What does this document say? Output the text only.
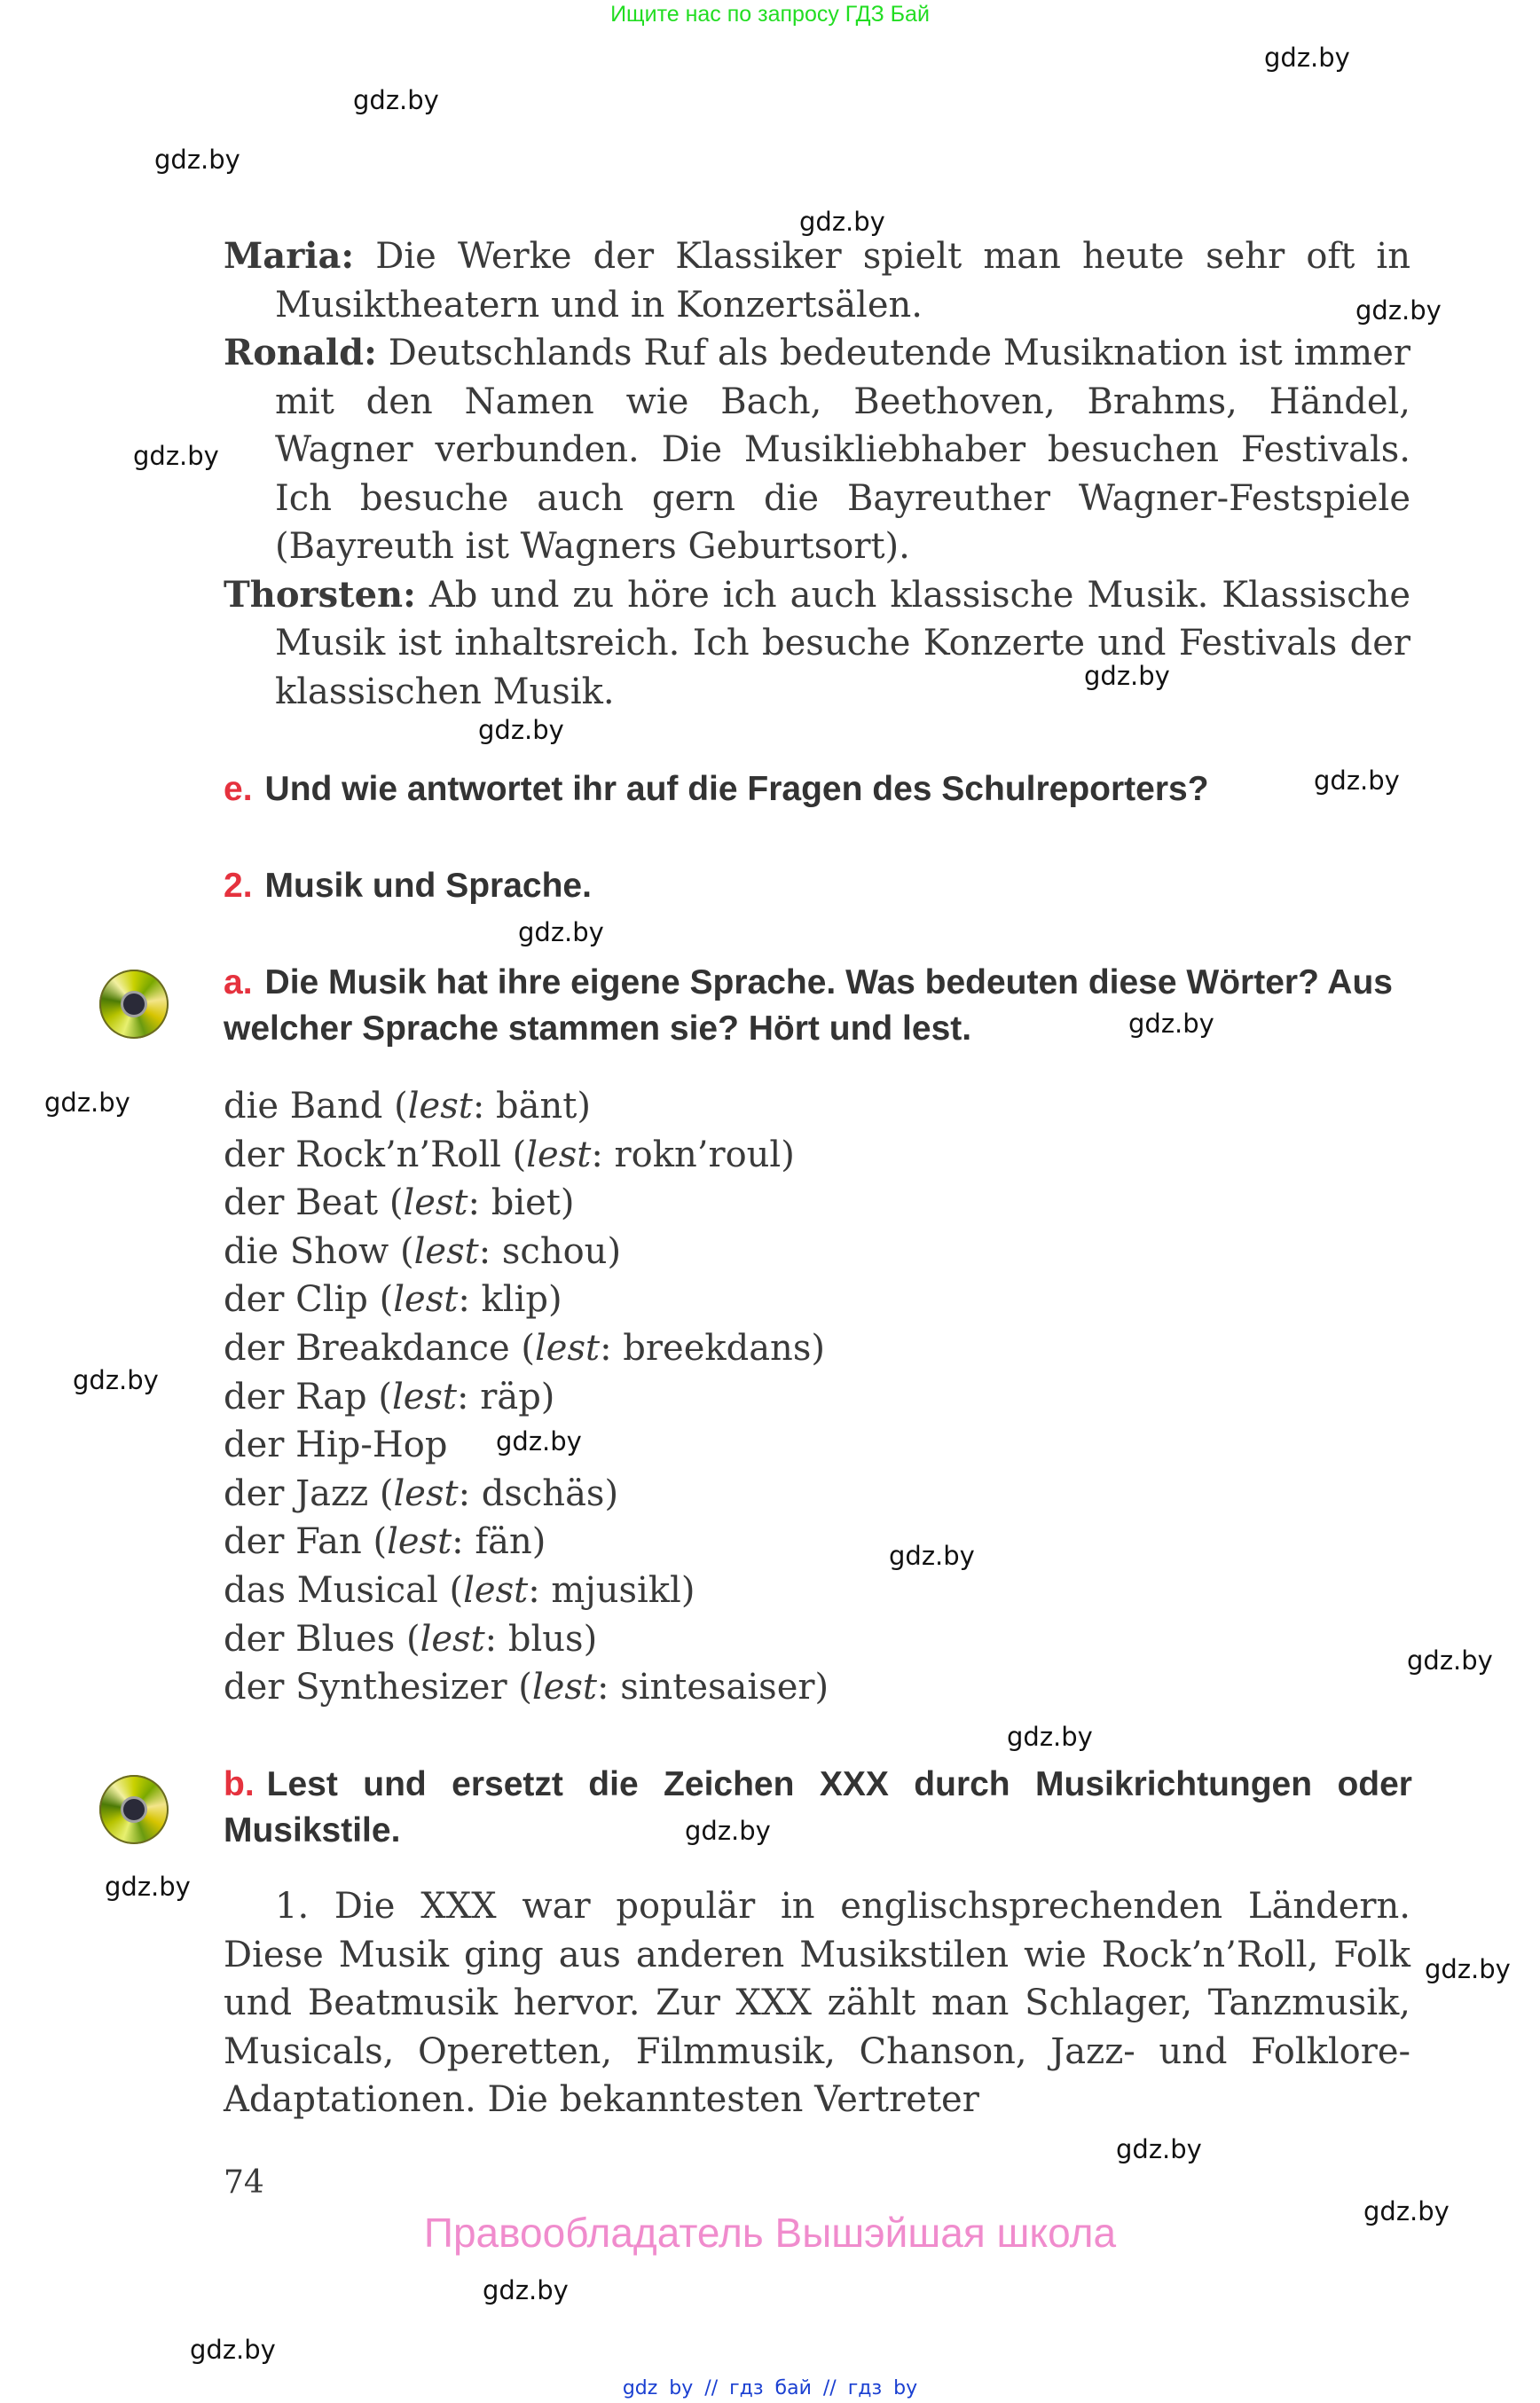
Ищите нас по запросу ГДЗ Бай
gdz.by
gdz.by
gdz.by
gdz.by
gdz.by
gdz.by
gdz.by
gdz.by
gdz.by
gdz.by
gdz.by
gdz.by
gdz.by
gdz.by
gdz.by
gdz.by
gdz.by
gdz.by
gdz.by
gdz.by
gdz.by
gdz.by
gdz.by
gdz.by
Maria: Die Werke der Klassiker spielt man heute sehr oft in Musiktheatern und in Konzertsälen.
Ronald: Deutschlands Ruf als bedeutende Musiknation ist immer mit den Namen wie Bach, Beethoven, Brahms, Händel, Wagner verbunden. Die Musikliebhaber besuchen Festivals. Ich besuche auch gern die Bayreuther Wagner-Festspiele (Bayreuth ist Wagners Geburtsort).
Thorsten: Ab und zu höre ich auch klassische Musik. Klassische Musik ist inhaltsreich. Ich besuche Konzerte und Festivals der klassischen Musik.
e. Und wie antwortet ihr auf die Fragen des Schulreporters?
2. Musik und Sprache.
a. Die Musik hat ihre eigene Sprache. Was bedeuten diese Wörter? Aus welcher Sprache stammen sie? Hört und lest.
die Band (lest: bänt)
der Rock’n’Roll (lest: rokn’roul)
der Beat (lest: biet)
die Show (lest: schou)
der Clip (lest: klip)
der Breakdance (lest: breekdans)
der Rap (lest: räp)
der Hip-Hop
der Jazz (lest: dschäs)
der Fan (lest: fän)
das Musical (lest: mjusikl)
der Blues (lest: blus)
der Synthesizer (lest: sintesaiser)
b. Lest und ersetzt die Zeichen XXX durch Musikrichtungen oder Musikstile.
1. Die XXX war populär in englischsprechenden Ländern. Diese Musik ging aus anderen Musikstilen wie Rock’n’Roll, Folk und Beatmusik hervor. Zur XXX zählt man Schlager, Tanzmusik, Musicals, Operetten, Filmmusik, Chanson, Jazz- und Folklore-Adaptationen. Die bekanntesten Vertreter
74
Правообладатель Вышэйшая школа
gdz by // гдз бай // гдз by
